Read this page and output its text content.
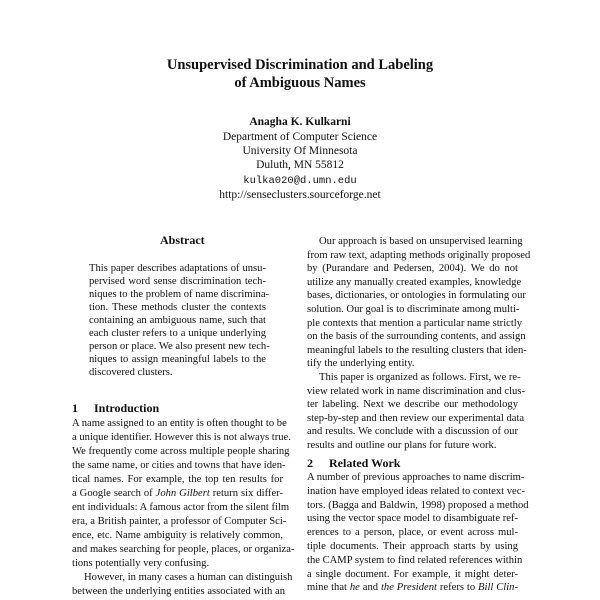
Unsupervised Discrimination and Labeling
of Ambiguous Names
Anagha K. Kulkarni
Department of Computer Science
University Of Minnesota
Duluth, MN 55812
kulka020@d.umn.edu
http://senseclusters.sourceforge.net
Abstract
This paper describes adaptations of unsu-
pervised word sense discrimination tech-
niques to the problem of name discrimina-
tion. These methods cluster the contexts
containing an ambiguous name, such that
each cluster refers to a unique underlying
person or place. We also present new tech-
niques to assign meaningful labels to the
discovered clusters.
1 Introduction
A name assigned to an entity is often thought to be
a unique identifier. However this is not always true.
We frequently come across multiple people sharing
the same name, or cities and towns that have iden-
tical names. For example, the top ten results for
a Google search of John Gilbert return six differ-
ent individuals: A famous actor from the silent film
era, a British painter, a professor of Computer Sci-
ence, etc. Name ambiguity is relatively common,
and makes searching for people, places, or organiza-
tions potentially very confusing.
However, in many cases a human can distinguish
between the underlying entities associated with an
2 Related Work
Our approach is based on unsupervised learning
from raw text, adapting methods originally proposed
by (Purandare and Pedersen, 2004). We do not
utilize any manually created examples, knowledge
bases, dictionaries, or ontologies in formulating our
solution. Our goal is to discriminate among multi-
ple contexts that mention a particular name strictly
on the basis of the surrounding contents, and assign
meaningful labels to the resulting clusters that iden-
tify the underlying entity.
This paper is organized as follows. First, we re-
view related work in name discrimination and clus-
ter labeling. Next we describe our methodology
step-by-step and then review our experimental data
and results. We conclude with a discussion of our
results and outline our plans for future work.
A number of previous approaches to name discrim-
ination have employed ideas related to context vec-
tors. (Bagga and Baldwin, 1998) proposed a method
using the vector space model to disambiguate ref-
erences to a person, place, or event across mul-
tiple documents. Their approach starts by using
the CAMP system to find related references within
a single document. For example, it might deter-
mine that he and the President refers to Bill Clin-
